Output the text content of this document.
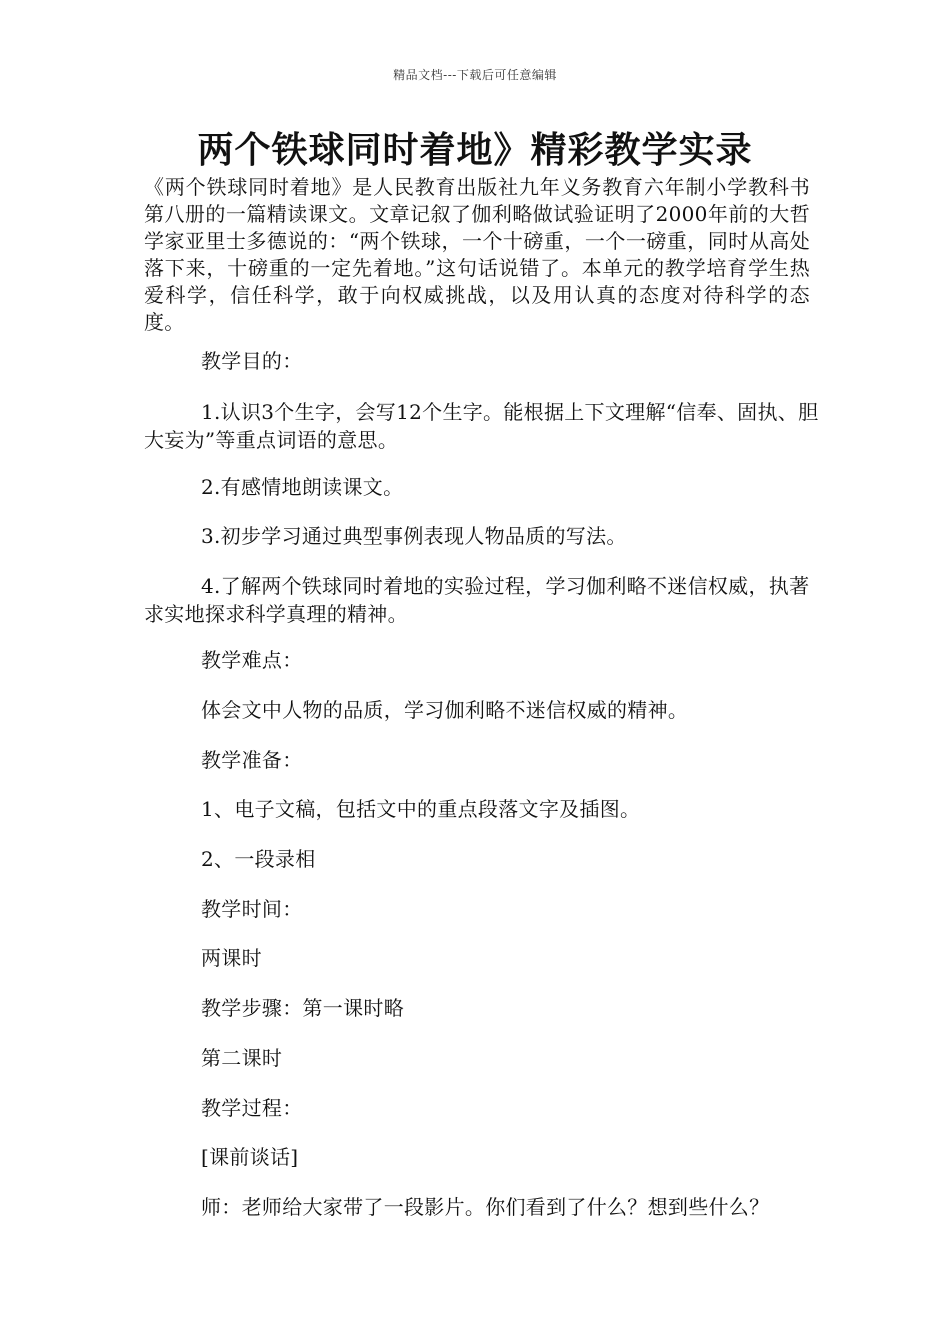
精品文档---下载后可任意编辑
两个铁球同时着地》精彩教学实录

《两个铁球同时着地》是人民教育出版社九年义务教育六年制小学教科书第八册的一篇精读课文。文章记叙了伽利略做试验证明了2000年前的大哲学家亚里士多德说的：“两个铁球，一个十磅重，一个一磅重，同时从高处落下来，十磅重的一定先着地。”这句话说错了。本单元的教学培育学生热爱科学，信任科学，敢于向权威挑战，以及用认真的态度对待科学的态度。

教学目的：

1.认识3个生字，会写12个生字。能根据上下文理解“信奉、固执、胆大妄为”等重点词语的意思。

2.有感情地朗读课文。

3.初步学习通过典型事例表现人物品质的写法。

4.了解两个铁球同时着地的实验过程，学习伽利略不迷信权威，执著求实地探求科学真理的精神。

教学难点：

体会文中人物的品质，学习伽利略不迷信权威的精神。

教学准备：

1、电子文稿，包括文中的重点段落文字及插图。

2、一段录相

教学时间：

两课时

教学步骤：第一课时略

第二课时

教学过程：

[课前谈话]

师：老师给大家带了一段影片。你们看到了什么？想到些什么？
